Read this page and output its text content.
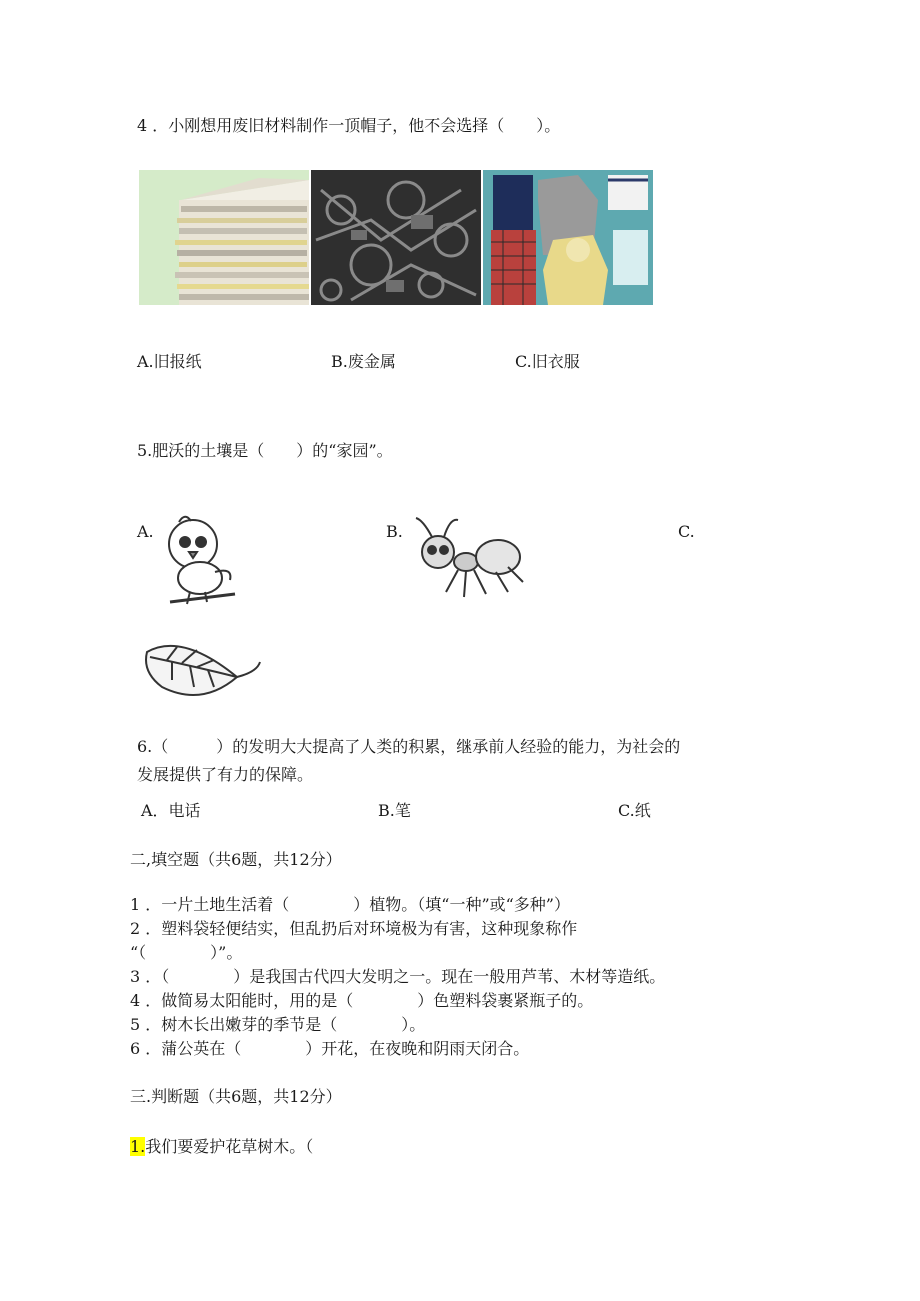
4 ．小刚想用废旧材料制作一顶帽子，他不会选择（　　）。
A.旧报纸	B.废金属	C.旧衣服
5.肥沃的土壤是（　　）的“家园”。
A.	B.	C.
6.（　　　）的发明大大提高了人类的积累，继承前人经验的能力，为社会的
发展提供了有力的保障。
A．电话	B.笔	C.纸
二,填空题（共6题，共12分）
1 ．一片土地生活着（　　　　）植物。（填“一种”或“多种”）
2 ．塑料袋轻便结实，但乱扔后对环境极为有害，这种现象称作
“（　　　　）”。
3 ．（　　　　）是我国古代四大发明之一。现在一般用芦苇、木材等造纸。
4 ．做简易太阳能时，用的是（　　　　）色塑料袋裹紧瓶子的。
5 ．树木长出嫩芽的季节是（　　　　）。
6 ．蒲公英在（　　　　）开花，在夜晚和阴雨天闭合。
三.判断题（共6题，共12分）
1.我们要爱护花草树木。（
